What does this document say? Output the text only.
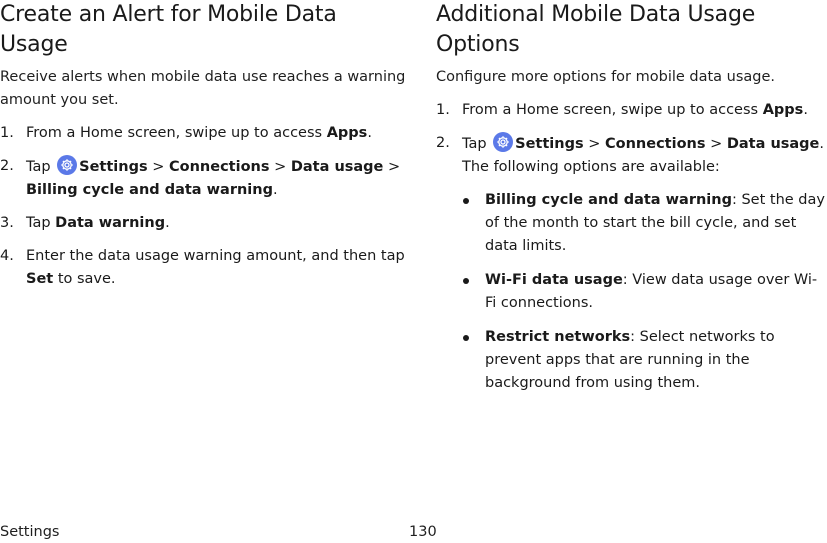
Create an Alert for Mobile Data Usage

Receive alerts when mobile data use reaches a warning amount you set.

1. From a Home screen, swipe up to access Apps.
2. Tap Settings > Connections > Data usage >
Billing cycle and data warning.
3. Tap Data warning.
4. Enter the data usage warning amount, and then tap Set to save.
Additional Mobile Data Usage Options

Configure more options for mobile data usage.

1. From a Home screen, swipe up to access Apps.
2. Tap Settings > Connections > Data usage. The following options are available:
Billing cycle and data warning: Set the day of the month to start the bill cycle, and set data limits.
Wi-Fi data usage: View data usage over Wi-Fi connections.
Restrict networks: Select networks to prevent apps that are running in the background from using them.
Settings	130
